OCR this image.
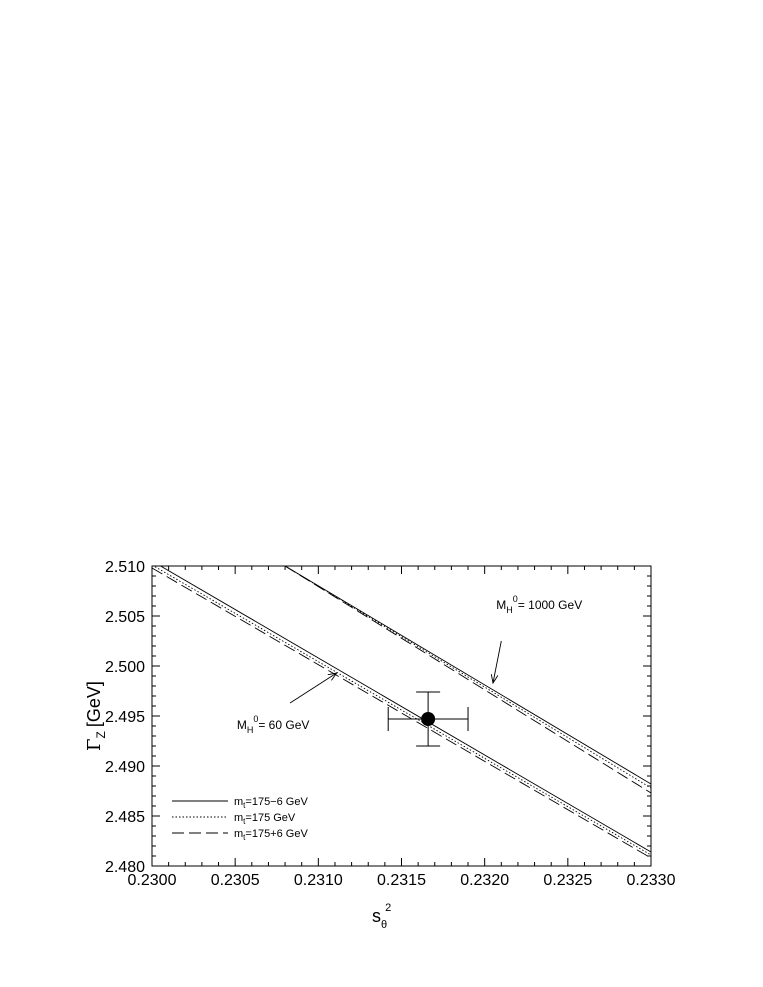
0.2300 0.2305 0.2310 0.2315 0.2320 0.2325 0.2330
2.480
2.485
2.490
2.495
2.500
2.505
2.510
$M_H^0= 1000$ GeV
$M_H^0= 60$ GeV
$m_t=175-6$ GeV
$m_t=175$ GeV
$m_t=175+6$ GeV
$s_\theta 2$
$\Gamma_Z[GeV]$
